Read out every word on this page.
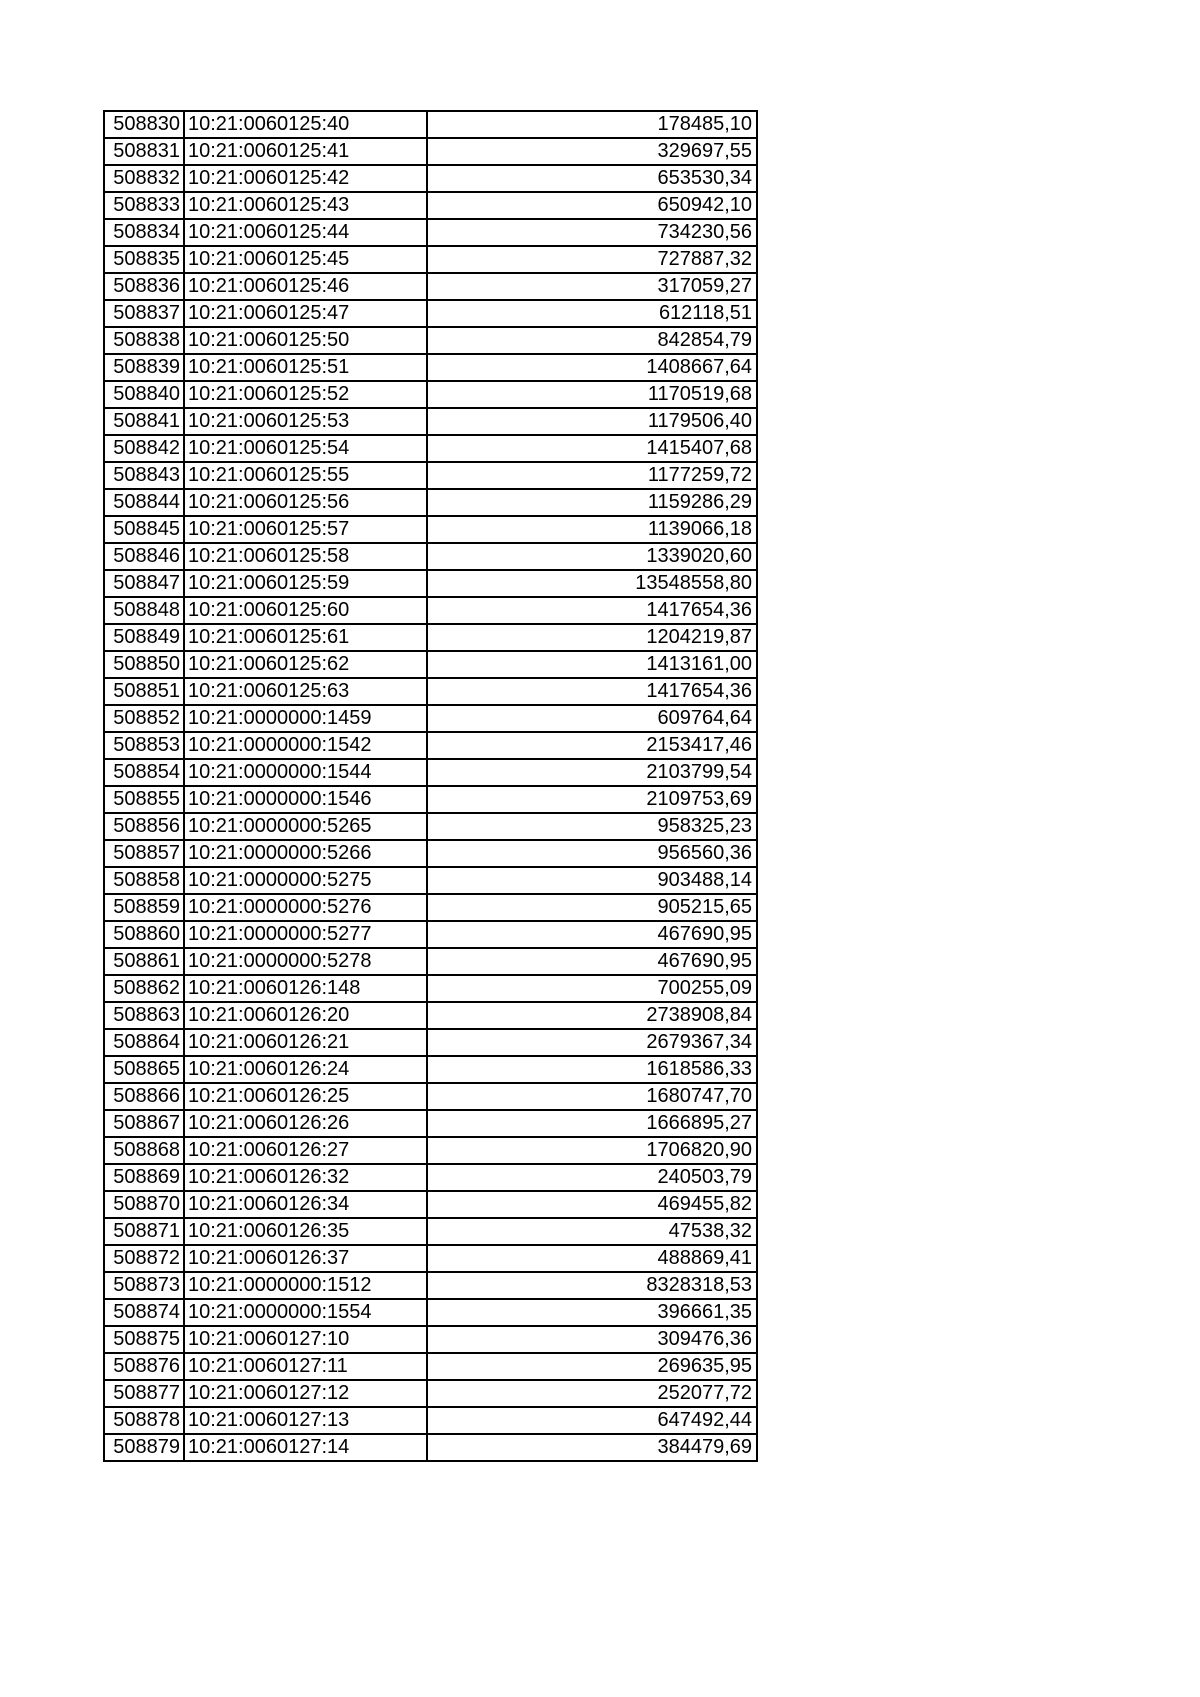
508830	10:21:0060125:40	178485,10
508831	10:21:0060125:41	329697,55
508832	10:21:0060125:42	653530,34
508833	10:21:0060125:43	650942,10
508834	10:21:0060125:44	734230,56
508835	10:21:0060125:45	727887,32
508836	10:21:0060125:46	317059,27
508837	10:21:0060125:47	612118,51
508838	10:21:0060125:50	842854,79
508839	10:21:0060125:51	1408667,64
508840	10:21:0060125:52	1170519,68
508841	10:21:0060125:53	1179506,40
508842	10:21:0060125:54	1415407,68
508843	10:21:0060125:55	1177259,72
508844	10:21:0060125:56	1159286,29
508845	10:21:0060125:57	1139066,18
508846	10:21:0060125:58	1339020,60
508847	10:21:0060125:59	13548558,80
508848	10:21:0060125:60	1417654,36
508849	10:21:0060125:61	1204219,87
508850	10:21:0060125:62	1413161,00
508851	10:21:0060125:63	1417654,36
508852	10:21:0000000:1459	609764,64
508853	10:21:0000000:1542	2153417,46
508854	10:21:0000000:1544	2103799,54
508855	10:21:0000000:1546	2109753,69
508856	10:21:0000000:5265	958325,23
508857	10:21:0000000:5266	956560,36
508858	10:21:0000000:5275	903488,14
508859	10:21:0000000:5276	905215,65
508860	10:21:0000000:5277	467690,95
508861	10:21:0000000:5278	467690,95
508862	10:21:0060126:148	700255,09
508863	10:21:0060126:20	2738908,84
508864	10:21:0060126:21	2679367,34
508865	10:21:0060126:24	1618586,33
508866	10:21:0060126:25	1680747,70
508867	10:21:0060126:26	1666895,27
508868	10:21:0060126:27	1706820,90
508869	10:21:0060126:32	240503,79
508870	10:21:0060126:34	469455,82
508871	10:21:0060126:35	47538,32
508872	10:21:0060126:37	488869,41
508873	10:21:0000000:1512	8328318,53
508874	10:21:0000000:1554	396661,35
508875	10:21:0060127:10	309476,36
508876	10:21:0060127:11	269635,95
508877	10:21:0060127:12	252077,72
508878	10:21:0060127:13	647492,44
508879	10:21:0060127:14	384479,69
